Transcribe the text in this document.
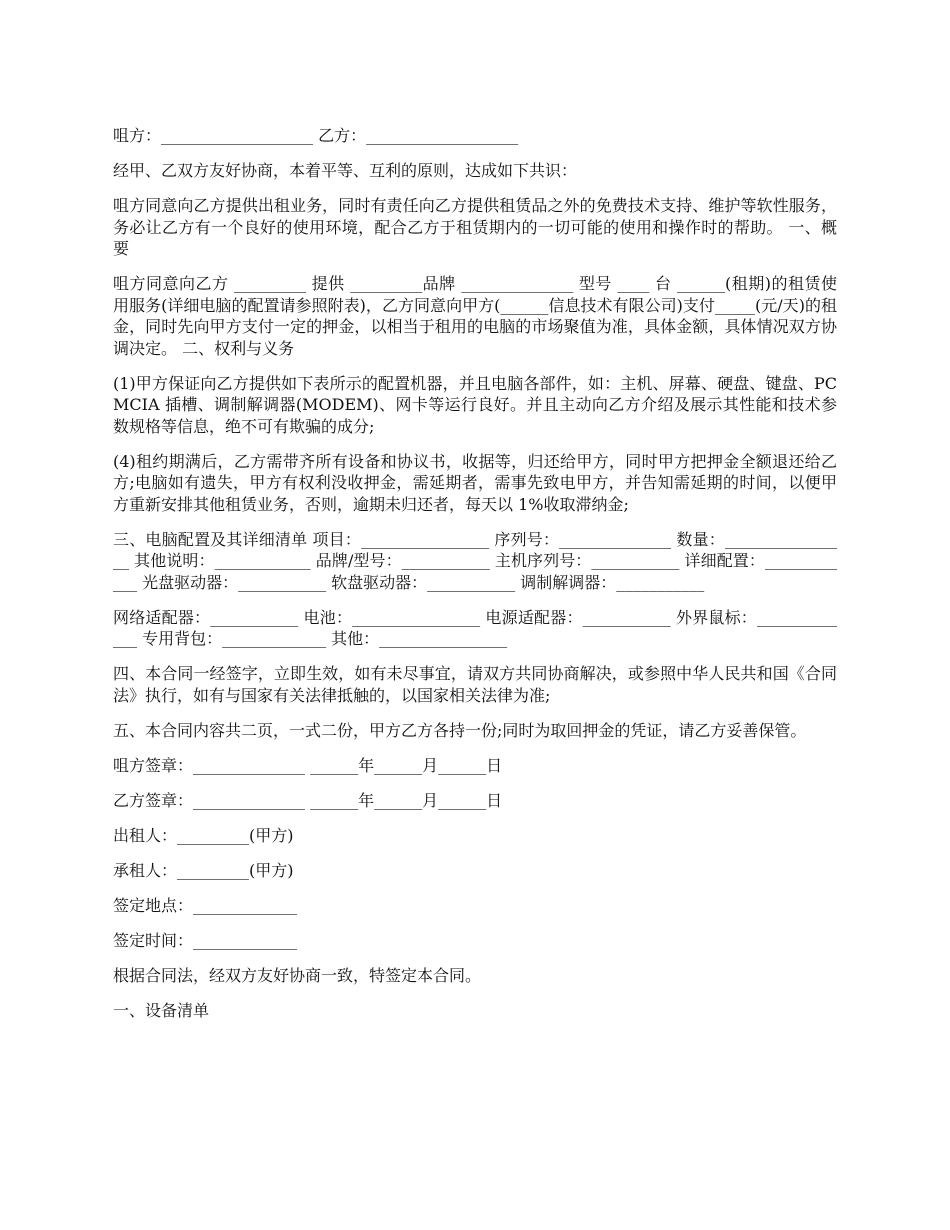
咀方：___________________ 乙方：___________________

经甲、乙双方友好协商，本着平等、互利的原则，达成如下共识：

咀方同意向乙方提供出租业务，同时有责任向乙方提供租赁品之外的免费技术支持、维护等软性服务，务必让乙方有一个良好的使用环境，配合乙方于租赁期内的一切可能的使用和操作时的帮助。 一、概要

咀方同意向乙方 _________ 提供 _________品牌 ______________ 型号 ____ 台 ______(租期)的租赁使用服务(详细电脑的配置请参照附表)，乙方同意向甲方(______信息技术有限公司)支付_____(元/天)的租金，同时先向甲方支付一定的押金，以相当于租用的电脑的市场聚值为准，具体金额，具体情况双方协调决定。 二、权利与义务

(1)甲方保证向乙方提供如下表所示的配置机器，并且电脑各部件，如：主机、屏幕、硬盘、键盘、PCMCIA 插槽、调制解调器(MODEM)、网卡等运行良好。并且主动向乙方介绍及展示其性能和技术参数规格等信息，绝不可有欺骗的成分;

(4)租约期满后，乙方需带齐所有设备和协议书，收据等，归还给甲方，同时甲方把押金全额退还给乙方;电脑如有遗失，甲方有权利没收押金，需延期者，需事先致电甲方，并告知需延期的时间，以便甲方重新安排其他租赁业务，否则，逾期未归还者，每天以 1%收取滞纳金;

三、电脑配置及其详细清单 项目：________________ 序列号：______________ 数量：________________ 其他说明：____________ 品牌/型号：___________ 主机序列号：___________ 详细配置：____________ 光盘驱动器：___________ 软盘驱动器：___________ 调制解调器：___________

网络适配器：___________ 电池：________________ 电源适配器：___________ 外界鼠标：_____________ 专用背包：_____________ 其他：________________

四、本合同一经签字，立即生效，如有未尽事宜，请双方共同协商解决，或参照中华人民共和国《合同法》执行，如有与国家有关法律抵触的，以国家相关法律为准;

五、本合同内容共二页，一式二份，甲方乙方各持一份;同时为取回押金的凭证，请乙方妥善保管。

咀方签章：______________ ______年______月______日

乙方签章：______________ ______年______月______日

出租人：_________(甲方)

承租人：_________(甲方)

签定地点：_____________

签定时间：_____________

根据合同法，经双方友好协商一致，特签定本合同。

一、设备清单
